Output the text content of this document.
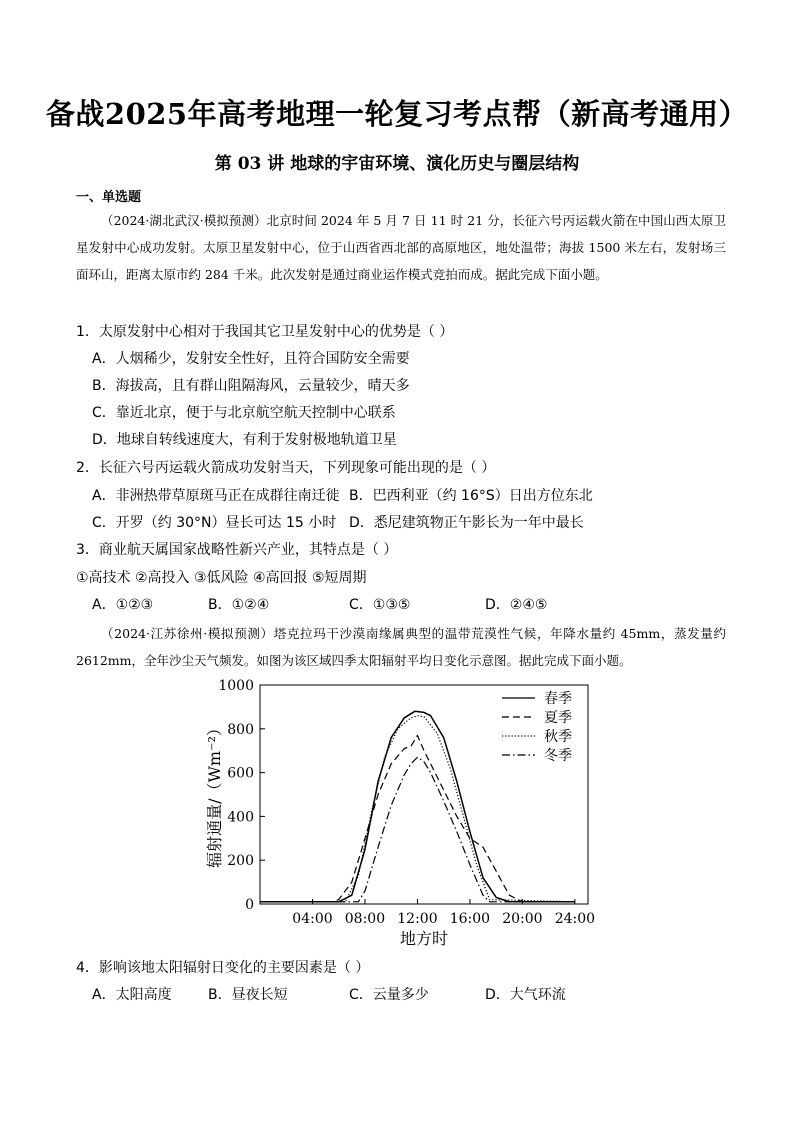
备战2025年高考地理一轮复习考点帮（新高考通用）
第 03 讲 地球的宇宙环境、演化历史与圈层结构
一、单选题
（2024·湖北武汉·模拟预测）北京时间 2024 年 5 月 7 日 11 时 21 分，长征六号丙运载火箭在中国山西太原卫星发射中心成功发射。太原卫星发射中心，位于山西省西北部的高原地区，地处温带；海拔 1500 米左右，发射场三面环山，距离太原市约 284 千米。此次发射是通过商业运作模式竞拍而成。据此完成下面小题。
1．太原发射中心相对于我国其它卫星发射中心的优势是（ ）
A．人烟稀少，发射安全性好，且符合国防安全需要
B．海拔高，且有群山阻隔海风，云量较少，晴天多
C．靠近北京，便于与北京航空航天控制中心联系
D．地球自转线速度大，有利于发射极地轨道卫星
2．长征六号丙运载火箭成功发射当天，下列现象可能出现的是（ ）
A．非洲热带草原斑马正在成群往南迁徙 B．巴西利亚（约 16°S）日出方位东北
C．开罗（约 30°N）昼长可达 15 小时 D．悉尼建筑物正午影长为一年中最长
3．商业航天属国家战略性新兴产业，其特点是（ ）
①高技术 ②高投入 ③低风险 ④高回报 ⑤短周期
A．①②③	B．①②④	C．①③⑤	D．②④⑤
（2024·江苏徐州·模拟预测）塔克拉玛干沙漠南缘属典型的温带荒漠性气候，年降水量约 45mm，蒸发量约 2612mm，全年沙尘天气频发。如图为该区域四季太阳辐射平均日变化示意图。据此完成下面小题。
0
200
400
600
800
1000
04:00 08:00 12:00 16:00 20:00 24:00
春季
夏季
秋季
冬季
地方时
辐射通量/（Wm⁻²）
4．影响该地太阳辐射日变化的主要因素是（ ）
A．太阳高度	B．昼夜长短	C．云量多少	D．大气环流
